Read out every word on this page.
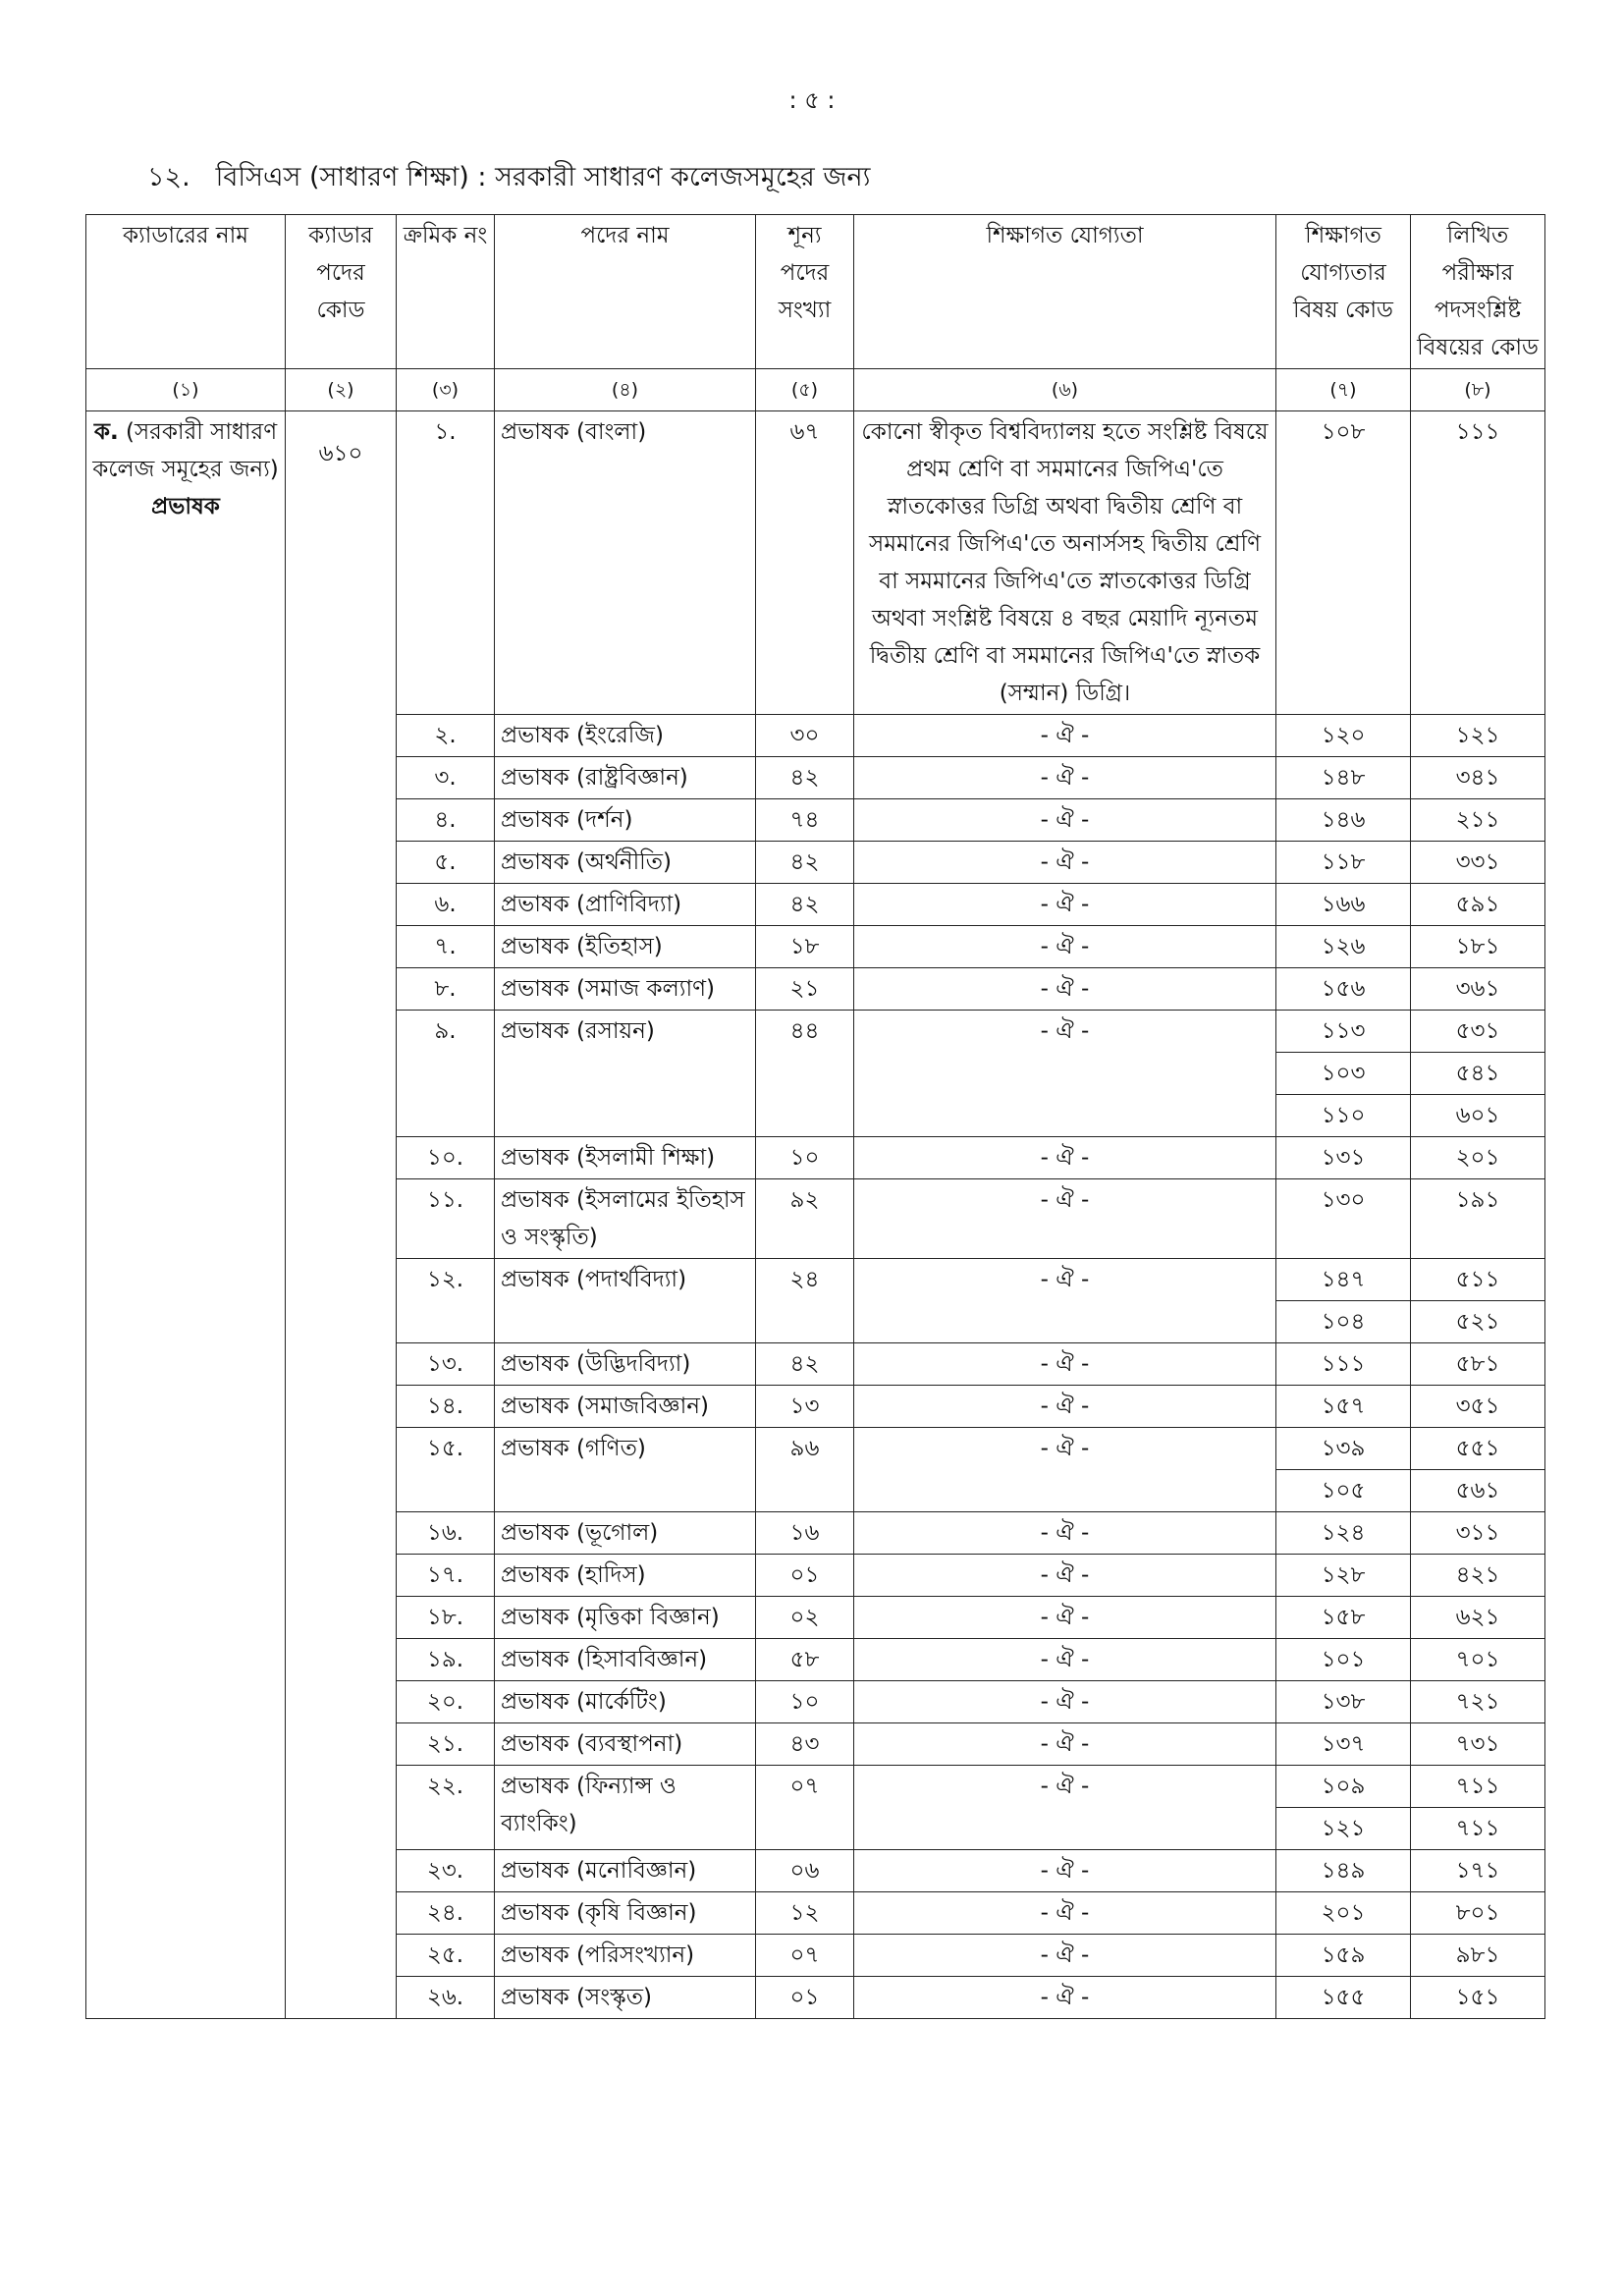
: ৫ :
১২. বিসিএস (সাধারণ শিক্ষা) : সরকারী সাধারণ কলেজসমূহের জন্য
ক্যাডারের নাম	ক্যাডার পদের কোড	ক্রমিক নং	পদের নাম	শূন্য পদের সংখ্যা	শিক্ষাগত যোগ্যতা	শিক্ষাগত যোগ্যতার বিষয় কোড	লিখিত পরীক্ষার পদসংশ্লিষ্ট বিষয়ের কোড
(১)	(২)	(৩)	(৪)	(৫)	(৬)	(৭)	(৮)
ক. (সরকারী সাধারণ কলেজ সমূহের জন্য) প্রভাষক	৬১০	১.	প্রভাষক (বাংলা)	৬৭	কোনো স্বীকৃত বিশ্ববিদ্যালয় হতে সংশ্লিষ্ট বিষয়ে প্রথম শ্রেণি বা সমমানের জিপিএ'তে স্নাতকোত্তর ডিগ্রি অথবা দ্বিতীয় শ্রেণি বা সমমানের জিপিএ'তে অনার্সসহ দ্বিতীয় শ্রেণি বা সমমানের জিপিএ'তে স্নাতকোত্তর ডিগ্রি অথবা সংশ্লিষ্ট বিষয়ে ৪ বছর মেয়াদি ন্যূনতম দ্বিতীয় শ্রেণি বা সমমানের জিপিএ'তে স্নাতক (সম্মান) ডিগ্রি।	১০৮	১১১
		২.	প্রভাষক (ইংরেজি)	৩০	- ঐ -	১২০	১২১
		৩.	প্রভাষক (রাষ্ট্রবিজ্ঞান)	৪২	- ঐ -	১৪৮	৩৪১
		৪.	প্রভাষক (দর্শন)	৭৪	- ঐ -	১৪৬	২১১
		৫.	প্রভাষক (অর্থনীতি)	৪২	- ঐ -	১১৮	৩৩১
		৬.	প্রভাষক (প্রাণিবিদ্যা)	৪২	- ঐ -	১৬৬	৫৯১
		৭.	প্রভাষক (ইতিহাস)	১৮	- ঐ -	১২৬	১৮১
		৮.	প্রভাষক (সমাজ কল্যাণ)	২১	- ঐ -	১৫৬	৩৬১
		৯.	প্রভাষক (রসায়ন)	৪৪	- ঐ -	১১৩	৫৩১
						১০৩	৫৪১
						১১০	৬০১
		১০.	প্রভাষক (ইসলামী শিক্ষা)	১০	- ঐ -	১৩১	২০১
		১১.	প্রভাষক (ইসলামের ইতিহাস ও সংস্কৃতি)	৯২	- ঐ -	১৩০	১৯১
		১২.	প্রভাষক (পদার্থবিদ্যা)	২৪	- ঐ -	১৪৭	৫১১
						১০৪	৫২১
		১৩.	প্রভাষক (উদ্ভিদবিদ্যা)	৪২	- ঐ -	১১১	৫৮১
		১৪.	প্রভাষক (সমাজবিজ্ঞান)	১৩	- ঐ -	১৫৭	৩৫১
		১৫.	প্রভাষক (গণিত)	৯৬	- ঐ -	১৩৯	৫৫১
						১০৫	৫৬১
		১৬.	প্রভাষক (ভূগোল)	১৬	- ঐ -	১২৪	৩১১
		১৭.	প্রভাষক (হাদিস)	০১	- ঐ -	১২৮	৪২১
		১৮.	প্রভাষক (মৃত্তিকা বিজ্ঞান)	০২	- ঐ -	১৫৮	৬২১
		১৯.	প্রভাষক (হিসাববিজ্ঞান)	৫৮	- ঐ -	১০১	৭০১
		২০.	প্রভাষক (মার্কেটিং)	১০	- ঐ -	১৩৮	৭২১
		২১.	প্রভাষক (ব্যবস্থাপনা)	৪৩	- ঐ -	১৩৭	৭৩১
		২২.	প্রভাষক (ফিন্যান্স ও ব্যাংকিং)	০৭	- ঐ -	১০৯	৭১১
						১২১	৭১১
		২৩.	প্রভাষক (মনোবিজ্ঞান)	০৬	- ঐ -	১৪৯	১৭১
		২৪.	প্রভাষক (কৃষি বিজ্ঞান)	১২	- ঐ -	২০১	৮০১
		২৫.	প্রভাষক (পরিসংখ্যান)	০৭	- ঐ -	১৫৯	৯৮১
		২৬.	প্রভাষক (সংস্কৃত)	০১	- ঐ -	১৫৫	১৫১
